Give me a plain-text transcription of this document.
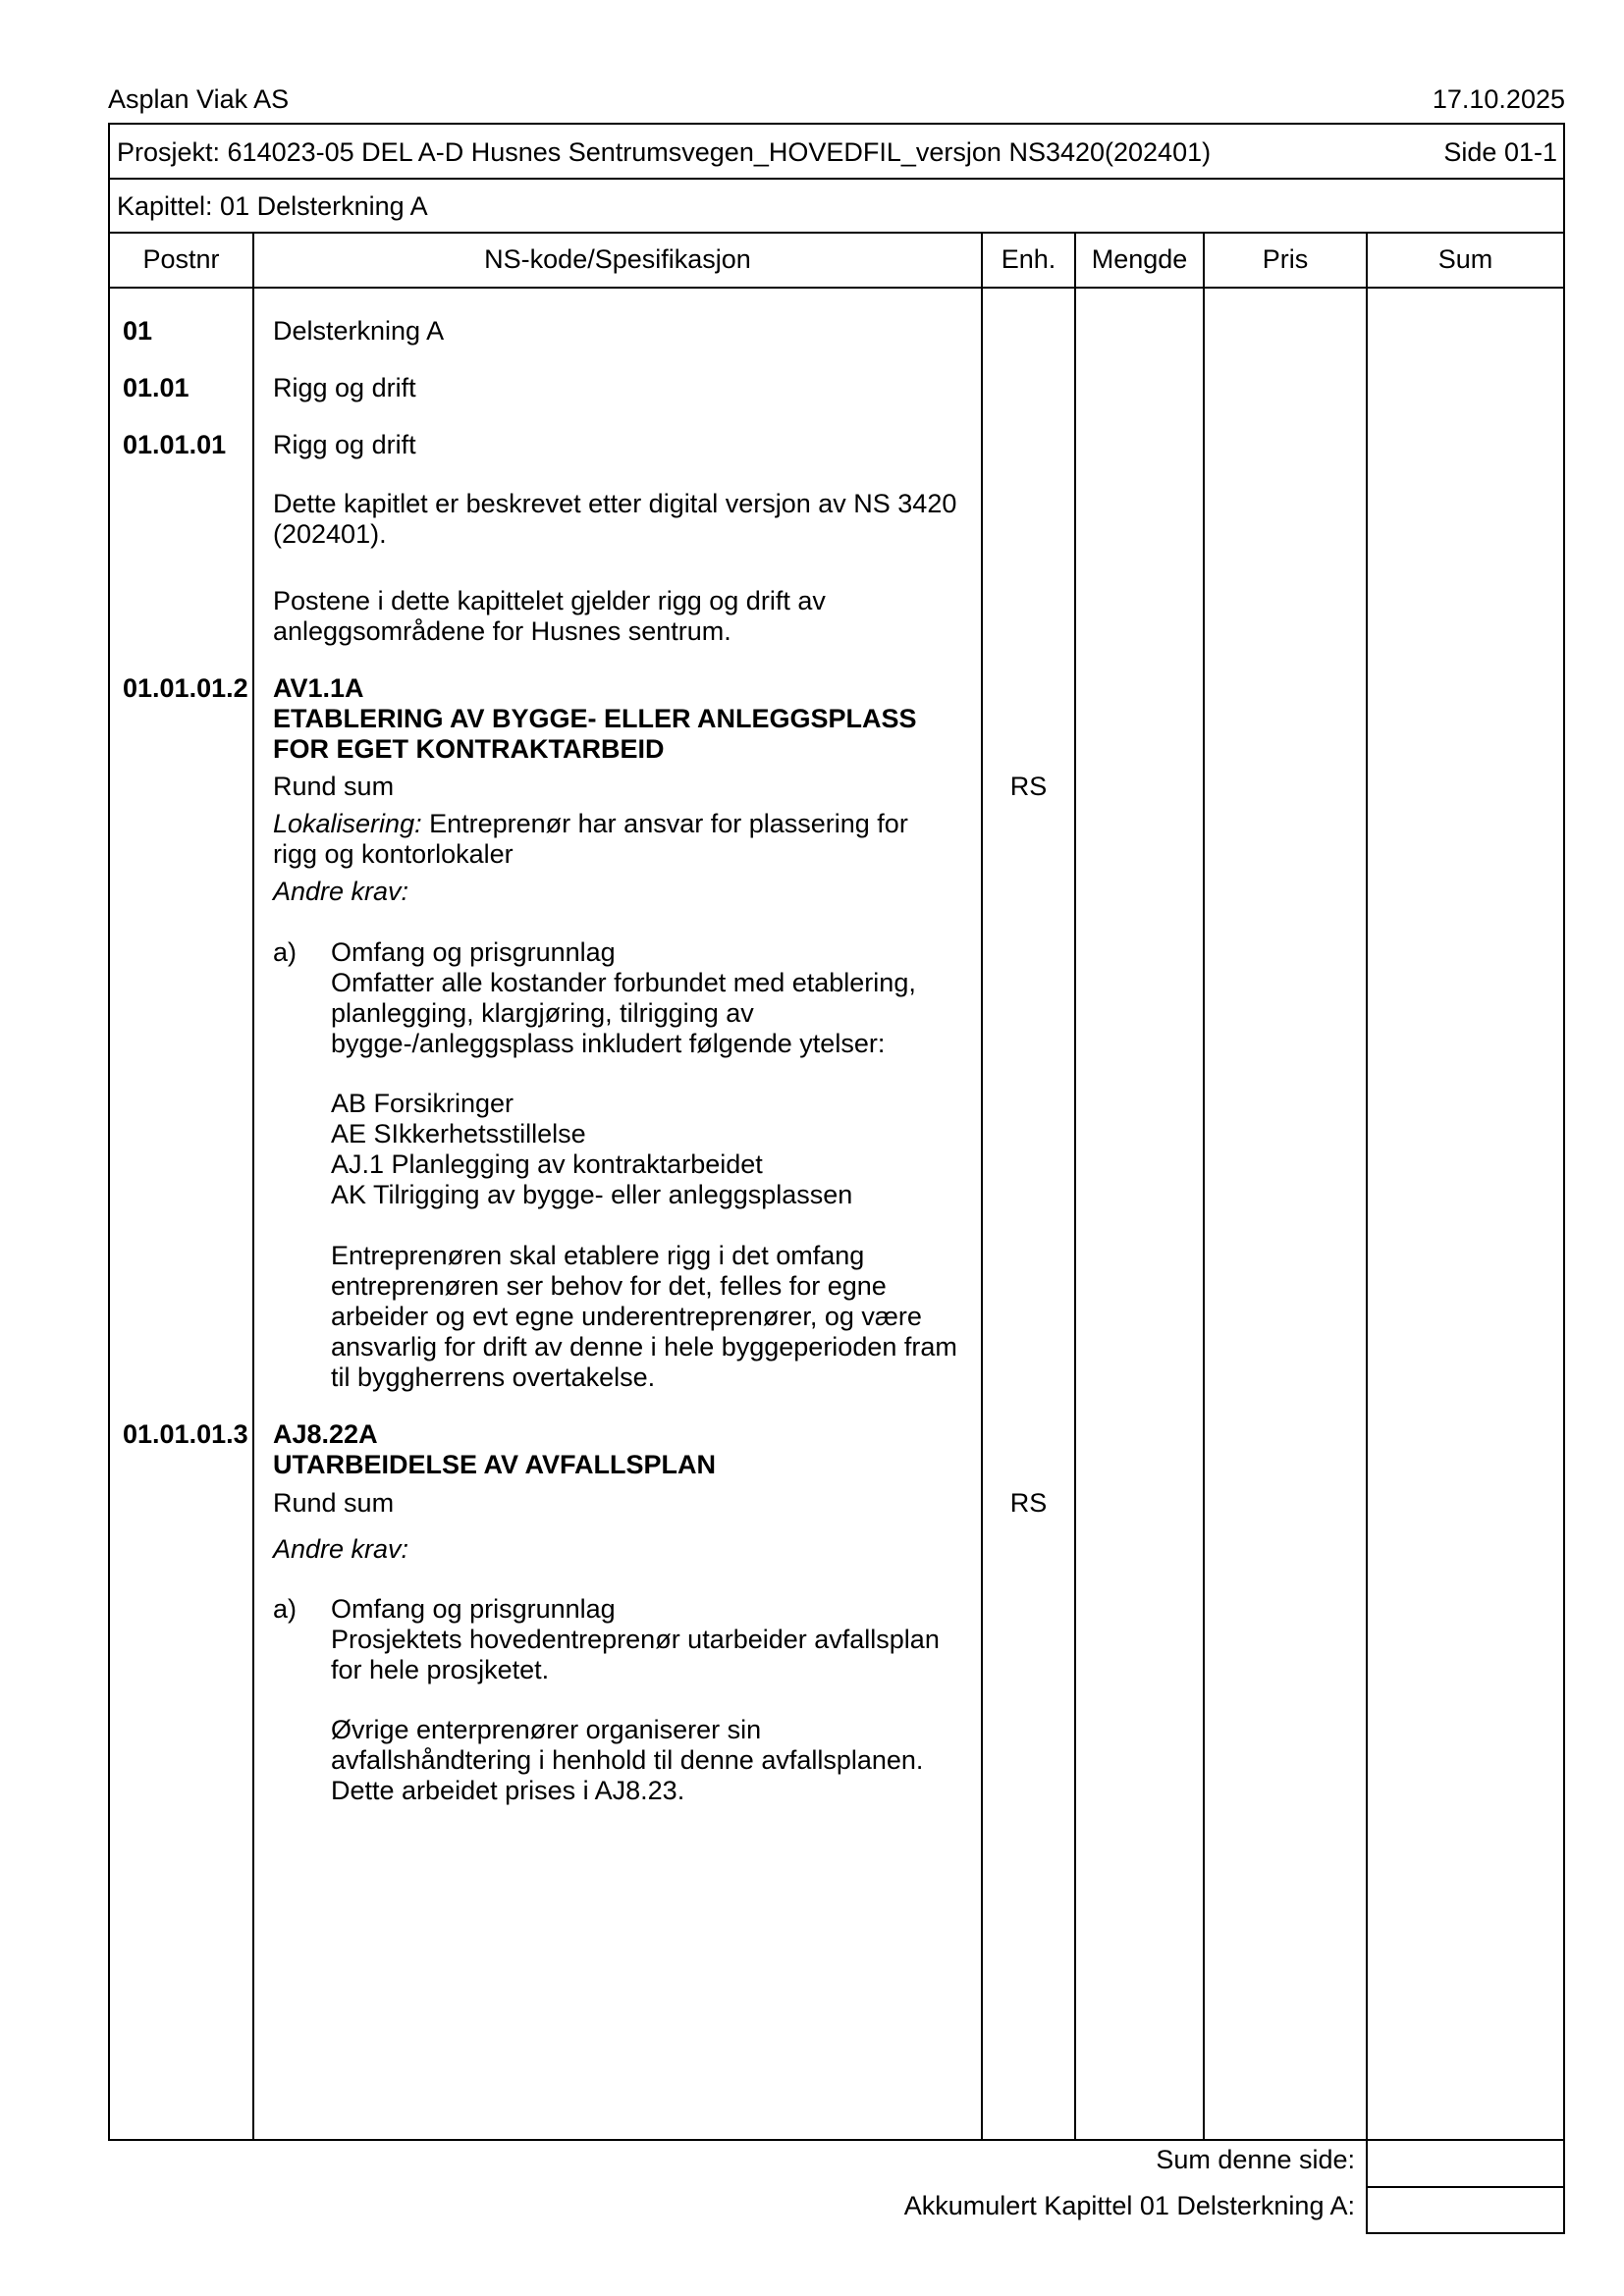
Asplan Viak AS	17.10.2025
Prosjekt: 614023-05 DEL A-D Husnes Sentrumsvegen_HOVEDFIL_versjon NS3420(202401)	Side 01-1
Kapittel: 01 Delsterkning A
Postnr	NS-kode/Spesifikasjon	Enh.	Mengde	Pris	Sum
01	Delsterkning A
01.01	Rigg og drift
01.01.01 Rigg og drift
Dette kapitlet er beskrevet etter digital versjon av NS 3420
(202401).
Postene i dette kapittelet gjelder rigg og drift av
anleggsområdene for Husnes sentrum.
01.01.01.2 AV1.1A
ETABLERING AV BYGGE- ELLER ANLEGGSPLASS
FOR EGET KONTRAKTARBEID
Rund sum	RS
Lokalisering: Entreprenør har ansvar for plassering for
rigg og kontorlokaler
Andre krav:
a) Omfang og prisgrunnlag
Omfatter alle kostander forbundet med etablering,
planlegging, klargjøring, tilrigging av
bygge-/anleggsplass inkludert følgende ytelser:
AB Forsikringer
AE SIkkerhetsstillelse
AJ.1 Planlegging av kontraktarbeidet
AK Tilrigging av bygge- eller anleggsplassen
Entreprenøren skal etablere rigg i det omfang
entreprenøren ser behov for det, felles for egne
arbeider og evt egne underentreprenører, og være
ansvarlig for drift av denne i hele byggeperioden fram
til byggherrens overtakelse.
01.01.01.3 AJ8.22A
UTARBEIDELSE AV AVFALLSPLAN
Rund sum	RS
Andre krav:
a) Omfang og prisgrunnlag
Prosjektets hovedentreprenør utarbeider avfallsplan
for hele prosjketet.
Øvrige enterprenører organiserer sin
avfallshåndtering i henhold til denne avfallsplanen.
Dette arbeidet prises i AJ8.23.
Sum denne side:
Akkumulert Kapittel 01 Delsterkning A:
